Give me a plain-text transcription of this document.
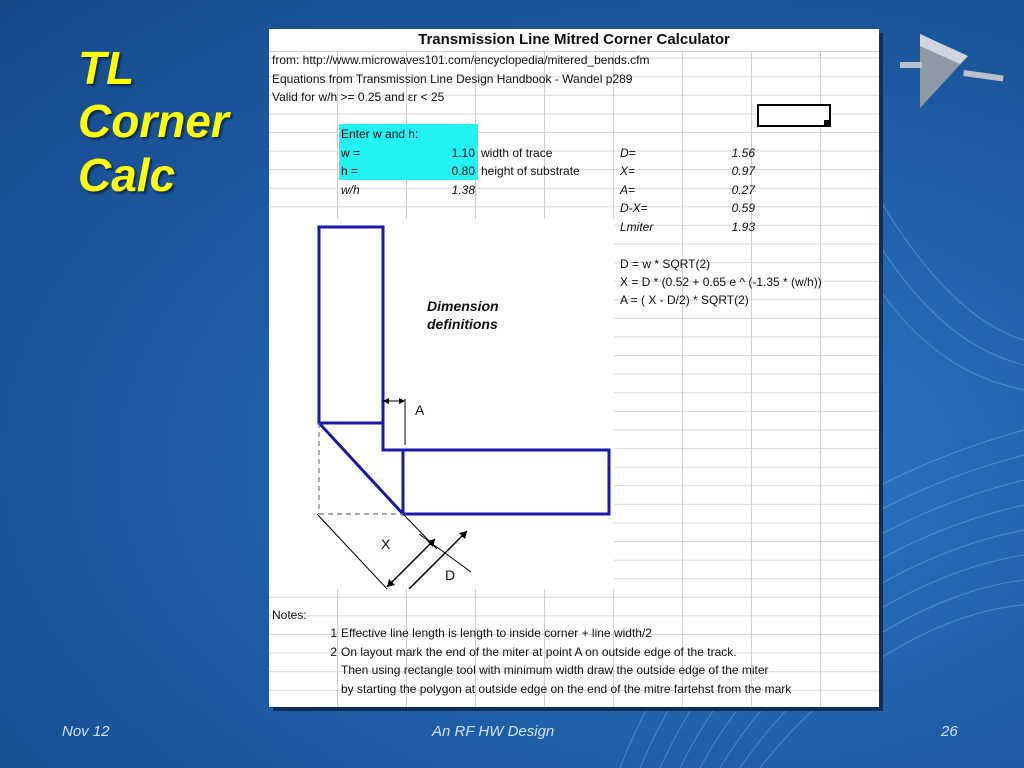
TL
Corner
Calc
Transmission Line Mitred Corner Calculator
from: http://www.microwaves101.com/encyclopedia/mitered_bends.cfm
Equations from Transmission Line Design Handbook - Wandel p289
Valid for w/h >= 0.25 and εr < 25
Enter w and h:
w =	1.10 width of trace
h =	0.80 height of substrate
w/h	1.38
D=	1.56
X=	0.97
A=	0.27
D-X=	0.59
Lmiter	1.93
D = w * SQRT(2)
X = D * (0.52 + 0.65 e ^ (-1.35 * (w/h))
A = ( X - D/2) * SQRT(2)
Dimension
definitions
A
X
D
Notes:
1 Effective line length is length to inside corner + line width/2
2 On layout mark the end of the miter at point A on outside edge of the track.
Then using rectangle tool with minimum width draw the outside edge of the miter
by starting the polygon at outside edge on the end of the mitre fartehst from the mark
Nov 12	An RF HW Design	26
